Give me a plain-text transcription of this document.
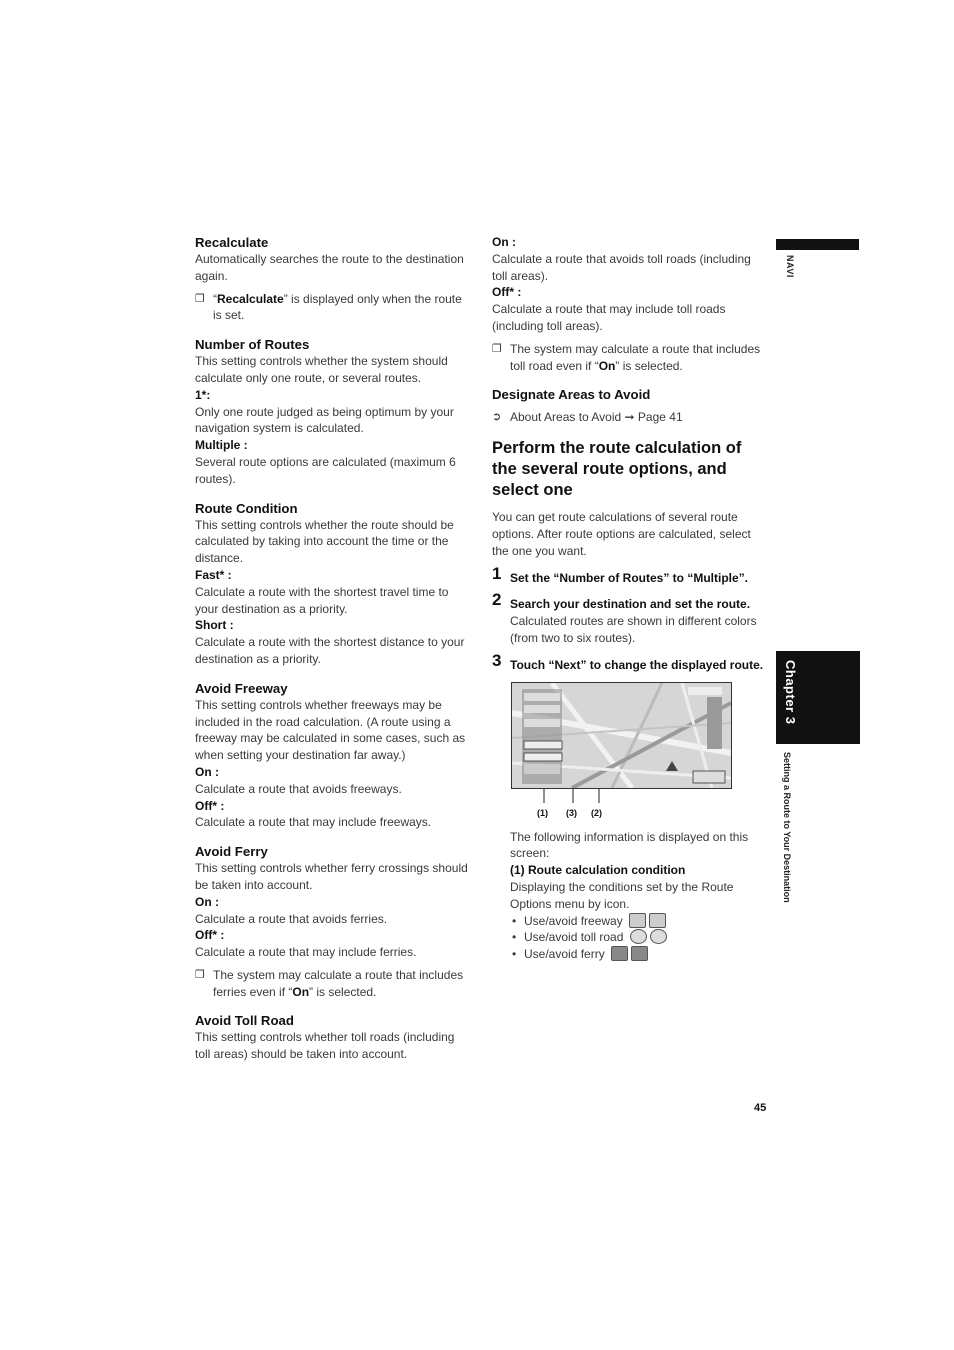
Recalculate

Automatically searches the route to the destination again.

❐ “Recalculate” is displayed only when the route is set.
Number of Routes

This setting controls whether the system should calculate only one route, or several routes.

1*:

Only one route judged as being optimum by your navigation system is calculated.

Multiple :

Several route options are calculated (maximum 6 routes).

Route Condition

This setting controls whether the route should be calculated by taking into account the time or the distance.

Fast* :

Calculate a route with the shortest travel time to your destination as a priority.

Short :

Calculate a route with the shortest distance to your destination as a priority.

Avoid Freeway

This setting controls whether freeways may be included in the road calculation. (A route using a freeway may be calculated in some cases, such as when setting your destination far away.)

On :

Calculate a route that avoids freeways.

Off* :

Calculate a route that may include freeways.

Avoid Ferry

This setting controls whether ferry crossings should be taken into account.

On :

Calculate a route that avoids ferries.

Off* :

Calculate a route that may include ferries.

❐ The system may calculate a route that includes ferries even if “On” is selected.
Avoid Toll Road

This setting controls whether toll roads (including toll areas) should be taken into account.

On :

Calculate a route that avoids toll roads (including toll areas).

Off* :

Calculate a route that may include toll roads (including toll areas).

❐ The system may calculate a route that includes toll road even if “On” is selected.
Designate Areas to Avoid
➲ About Areas to Avoid ➞ Page 41
Perform the route calculation of the several route options, and select one

You can get route calculations of several route options. After route options are calculated, select the one you want.

1 Set the “Number of Routes” to “Multiple”.
2 Search your destination and set the route.

Calculated routes are shown in different colors (from two to six routes).

3 Touch “Next” to change the displayed route.
(1) (3) (2)

The following information is displayed on this screen:

(1) Route calculation condition

Displaying the conditions set by the Route Options menu by icon.

• Use/avoid freeway
• Use/avoid toll road
• Use/avoid ferry
NAVI
Chapter 3
Setting a Route to Your Destination
45
